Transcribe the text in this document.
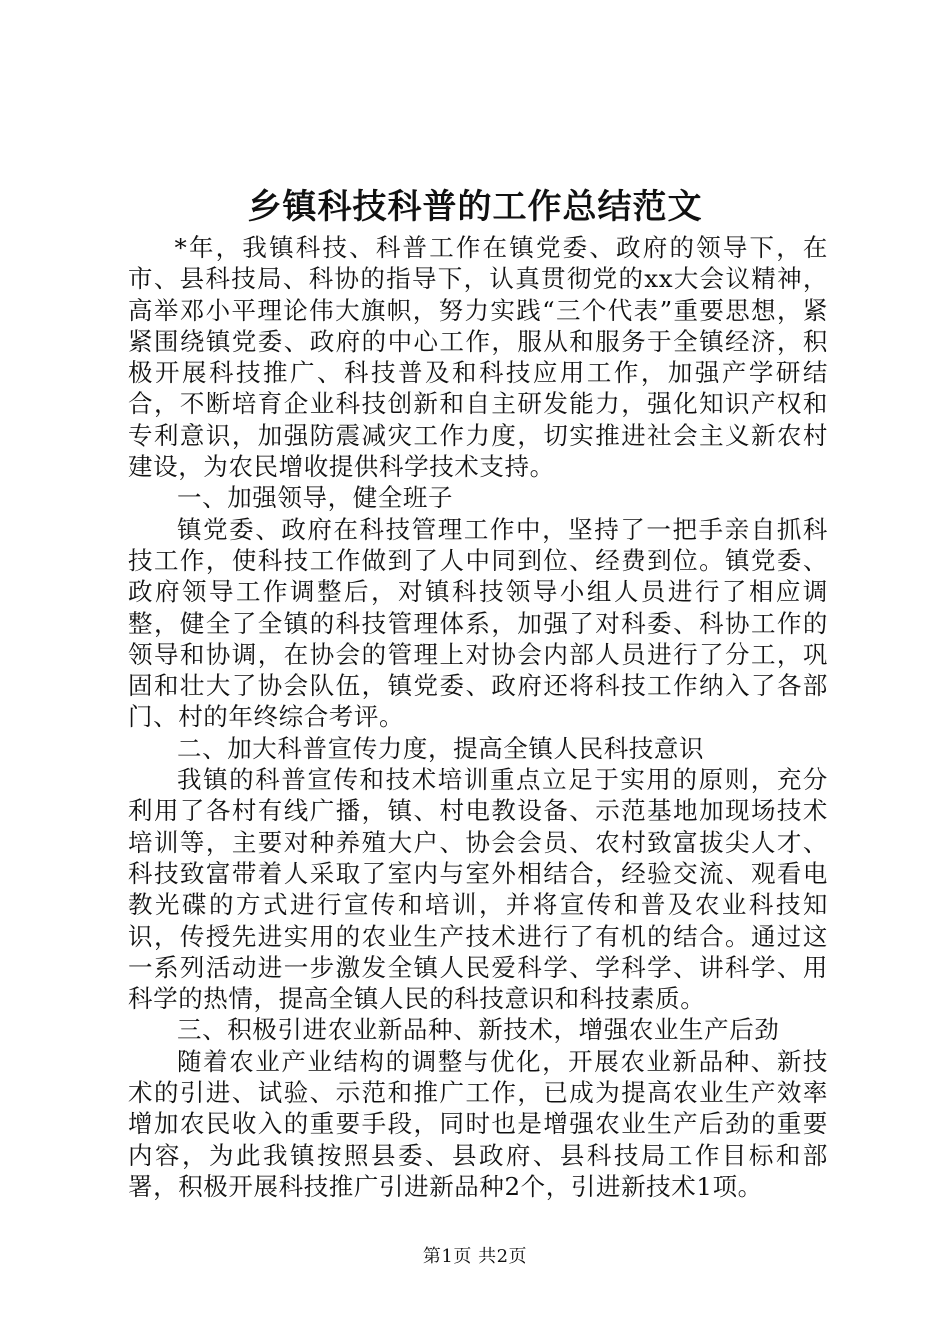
乡镇科技科普的工作总结范文

*年，我镇科技、科普工作在镇党委、政府的领导下，在市、县科技局、科协的指导下，认真贯彻党的xx大会议精神，高举邓小平理论伟大旗帜，努力实践“三个代表”重要思想，紧紧围绕镇党委、政府的中心工作，服从和服务于全镇经济，积极开展科技推广、科技普及和科技应用工作，加强产学研结合，不断培育企业科技创新和自主研发能力，强化知识产权和专利意识，加强防震减灾工作力度，切实推进社会主义新农村建设，为农民增收提供科学技术支持。

一、加强领导，健全班子

镇党委、政府在科技管理工作中，坚持了一把手亲自抓科技工作，使科技工作做到了人中同到位、经费到位。镇党委、政府领导工作调整后，对镇科技领导小组人员进行了相应调整，健全了全镇的科技管理体系，加强了对科委、科协工作的领导和协调，在协会的管理上对协会内部人员进行了分工，巩固和壮大了协会队伍，镇党委、政府还将科技工作纳入了各部门、村的年终综合考评。

二、加大科普宣传力度，提高全镇人民科技意识

我镇的科普宣传和技术培训重点立足于实用的原则，充分利用了各村有线广播，镇、村电教设备、示范基地加现场技术培训等，主要对种养殖大户、协会会员、农村致富拔尖人才、科技致富带着人采取了室内与室外相结合，经验交流、观看电教光碟的方式进行宣传和培训，并将宣传和普及农业科技知识，传授先进实用的农业生产技术进行了有机的结合。通过这一系列活动进一步激发全镇人民爱科学、学科学、讲科学、用科学的热情，提高全镇人民的科技意识和科技素质。

三、积极引进农业新品种、新技术，增强农业生产后劲

随着农业产业结构的调整与优化，开展农业新品种、新技术的引进、试验、示范和推广工作，已成为提高农业生产效率增加农民收入的重要手段，同时也是增强农业生产后劲的重要内容，为此我镇按照县委、县政府、县科技局工作目标和部署，积极开展科技推广引进新品种2个，引进新技术1项。

第1页 共2页
